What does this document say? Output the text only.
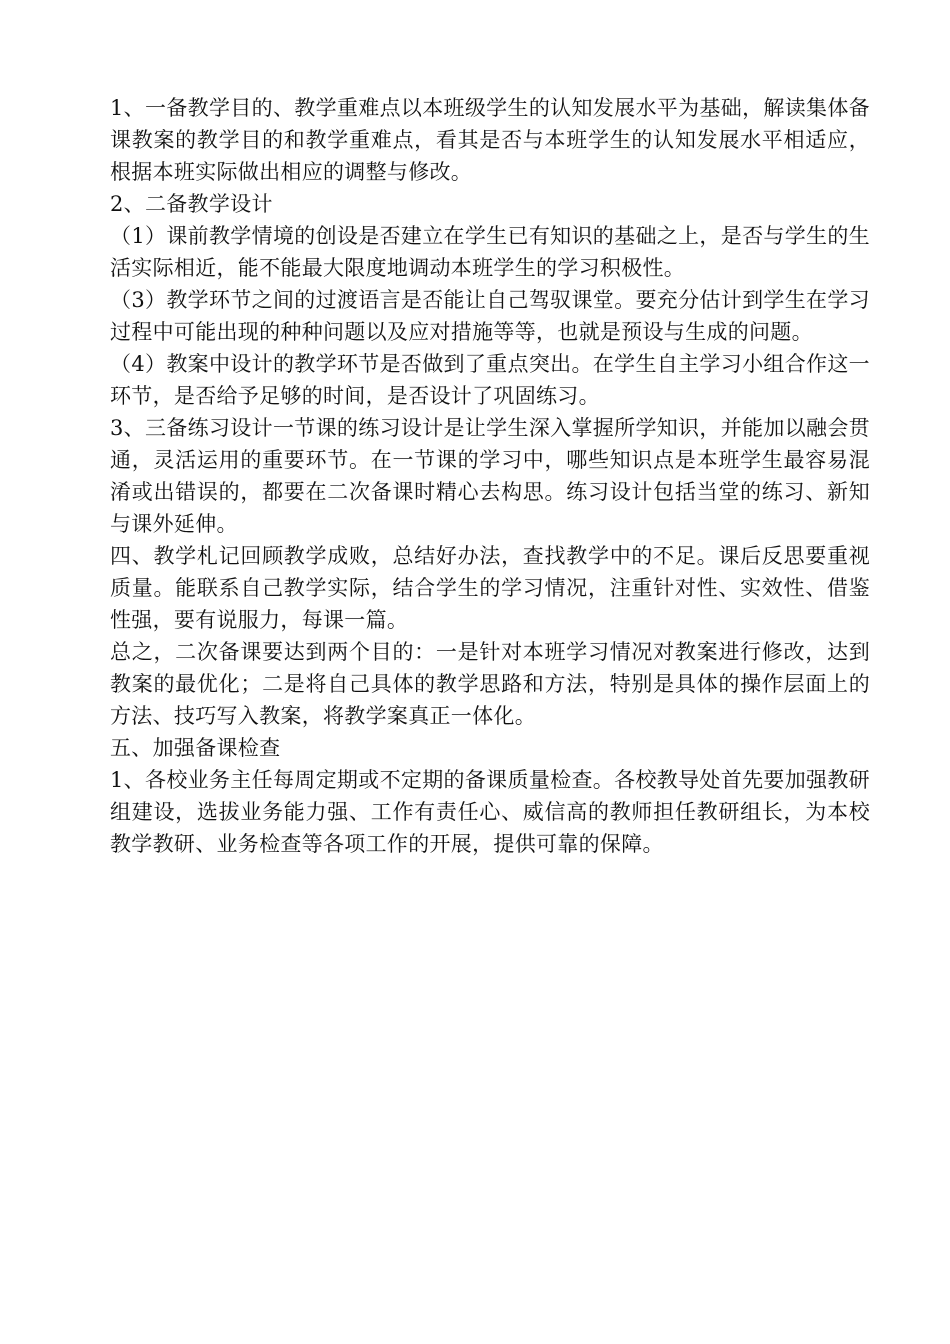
1、一备教学目的、教学重难点以本班级学生的认知发展水平为基础，解读集体备课教案的教学目的和教学重难点，看其是否与本班学生的认知发展水平相适应，根据本班实际做出相应的调整与修改。

2、二备教学设计

（1）课前教学情境的创设是否建立在学生已有知识的基础之上，是否与学生的生活实际相近，能不能最大限度地调动本班学生的学习积极性。

（3）教学环节之间的过渡语言是否能让自己驾驭课堂。要充分估计到学生在学习过程中可能出现的种种问题以及应对措施等等，也就是预设与生成的问题。

（4）教案中设计的教学环节是否做到了重点突出。在学生自主学习小组合作这一环节，是否给予足够的时间，是否设计了巩固练习。

3、三备练习设计一节课的练习设计是让学生深入掌握所学知识，并能加以融会贯通，灵活运用的重要环节。在一节课的学习中，哪些知识点是本班学生最容易混淆或出错误的，都要在二次备课时精心去构思。练习设计包括当堂的练习、新知与课外延伸。

四、教学札记回顾教学成败，总结好办法，查找教学中的不足。课后反思要重视质量。能联系自己教学实际，结合学生的学习情况，注重针对性、实效性、借鉴性强，要有说服力，每课一篇。

总之，二次备课要达到两个目的：一是针对本班学习情况对教案进行修改，达到教案的最优化；二是将自己具体的教学思路和方法，特别是具体的操作层面上的方法、技巧写入教案，将教学案真正一体化。

五、加强备课检查

1、各校业务主任每周定期或不定期的备课质量检查。各校教导处首先要加强教研组建设，选拔业务能力强、工作有责任心、威信高的教师担任教研组长，为本校教学教研、业务检查等各项工作的开展，提供可靠的保障。
